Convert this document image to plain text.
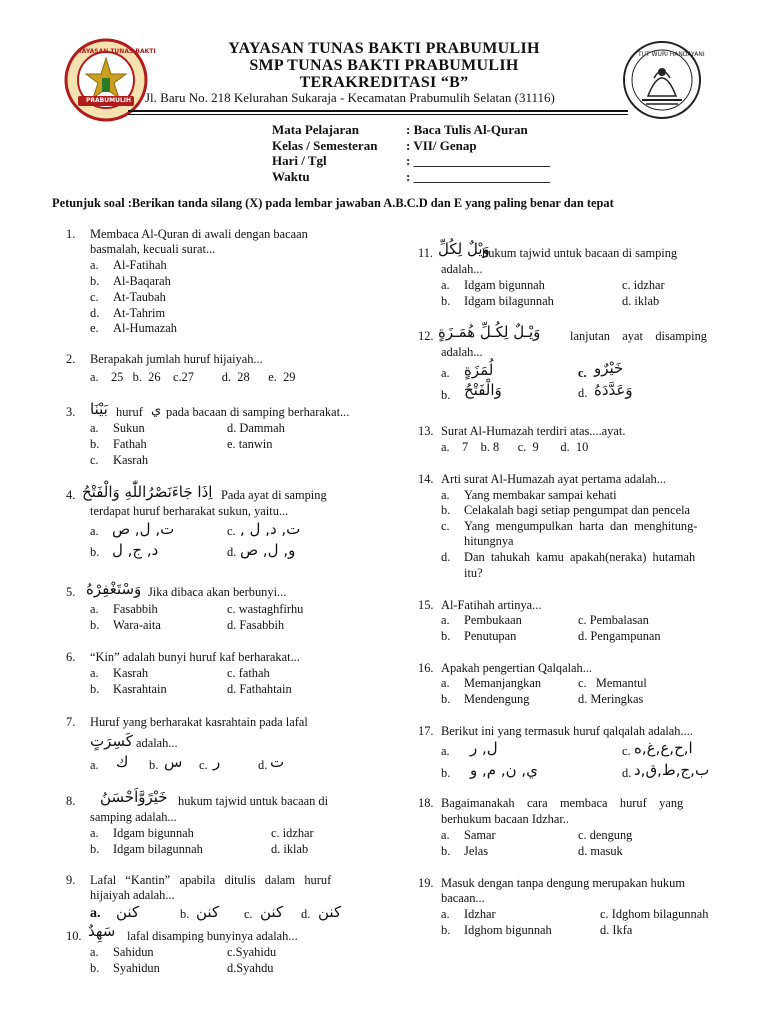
YAYASAN TUNAS BAKTI
PRABUMULIH
TUT WURI HANDAYANI
YAYASAN TUNAS BAKTI PRABUMULIH
SMP TUNAS BAKTI PRABUMULIH
TERAKREDITASI “B”
Jl. Baru No. 218 Kelurahan Sukaraja - Kecamatan Prabumulih Selatan (31116)
Mata Pelajaran	: Baca Tulis Al-Quran
Kelas / Semesteran : VII/ Genap
Hari / Tgl	: _____________________
Waktu	: _____________________
Petunjuk soal :Berikan tanda silang (X) pada lembar jawaban A.B.C.D dan E yang paling benar dan tepat
1. Membaca Al-Quran di awali dengan bacaan
basmalah, kecuali surat...
a. Al-Fatihah
b. Al-Baqarah
c. At-Taubah
d. At-Tahrim
e. Al-Humazah
2. Berapakah jumlah huruf hijaiyah...
a.    25   b.  26    c.27         d.  28      e.  29
3. بَيْنَا huruf ي pada bacaan di samping berharakat...
a. Sukun	d. Dammah
b. Fathah	e. tanwin
c. Kasrah
4. اِذَا جَاءَنَصْرُاللّٰهِ وَالْفَتْحُ Pada ayat di samping
terdapat huruf berharakat sukun, yaitu...
a. ت, ل, ص	c. ت, د, ل ,
b. د, ج, ل	d. و, ل, ص
5. وَسْتَغْفِرْهُ Jika dibaca akan berbunyi...
a. Fasabbih	c. wastaghfirhu
b. Wara-aita	d. Fasabbih
6. “Kin” adalah bunyi huruf kaf berharakat...
a. Kasrah	c. fathah
b. Kasrahtain	d. Fathahtain
7. Huruf yang berharakat kasrahtain pada lafal
كَسِرَتٍ adalah...
a. ك b. س c. ر	d. ت
8. خَيْرًوَّاَحْسَنُ hukum tajwid untuk bacaan di
samping adalah...
a. Idgam bigunnah	c. idzhar
b. Idgam bilagunnah	d. iklab
9. Lafal   “Kantin”   apabila   ditulis   dalam   huruf
hijaiyah adalah...
a. كنن	b. كنن c. كنن d. كنن
10. سَهِدٌ lafal disamping bunyinya adalah...
a. Sahidun	c.Syahidu
b. Syahidun	d.Syahdu
11. وَيْلٌ لِكُلِّ
hukum tajwid untuk bacaan di samping
adalah...
a. Idgam bigunnah	c. idzhar
b. Idgam bilagunnah	d. iklab
12. وَيْـلٌ لِكُـلِّ هُمَـزَةٍ lanjutan    ayat    disamping
adalah...
a. لُمَزَةٍ	c. خَيْرٌو
b. وَالْفَتْحُ	d. وَعَدَّدَهُ
13. Surat Al-Humazah terdiri atas....ayat.
a.    7    b. 8      c.  9       d.  10
14. Arti surat Al-Humazah ayat pertama adalah...
a. Yang membakar sampai kehati
b. Celakalah bagi setiap pengumpat dan pencela
c. Yang  mengumpulkan  harta  dan  menghitung-
hitungnya
d. Dan  tahukah  kamu  apakah(neraka)  hutamah
itu?
15. Al-Fatihah artinya...
a. Pembukaan	c. Pembalasan
b. Penutupan	d. Pengampunan
16. Apakah pengertian Qalqalah...
a. Memanjangkan	c.   Memantul
b. Mendengung	d. Meringkas
17. Berikut ini yang termasuk huruf qalqalah adalah....
a. ل, ر	c. ا,ح,ع,غ,ه
b. ي, ن, م, و	d. ب,ج,ط,ق,د
18. Bagaimanakah    cara    membaca    huruf    yang
berhukum bacaan Idzhar..
a. Samar	c. dengung
b. Jelas	d. masuk
19. Masuk dengan tanpa dengung merupakan hukum
bacaan...
a. Idzhar	c. Idghom bilagunnah
b. Idghom bigunnah	d. Ikfa
